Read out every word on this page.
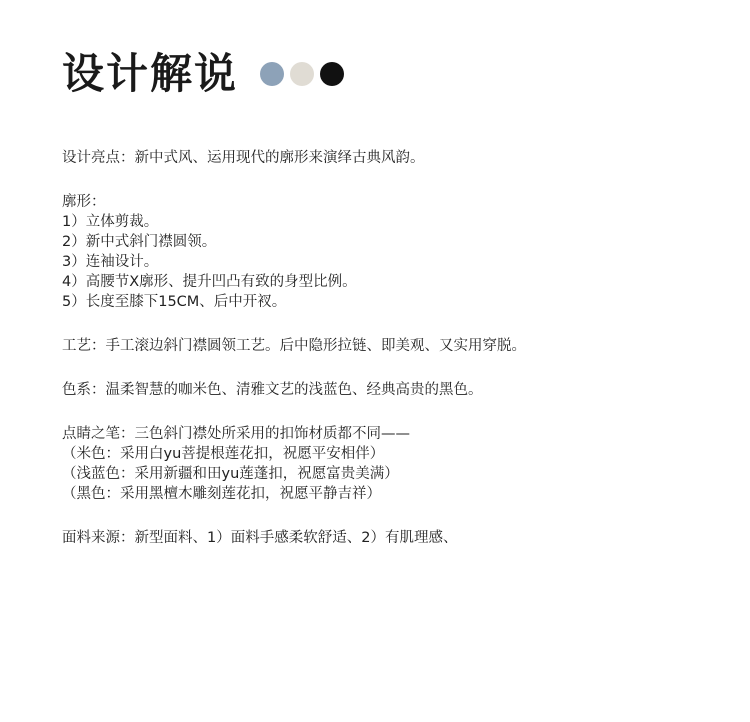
设计解说

设计亮点：新中式风、运用现代的廓形来演绎古典风韵。

廓形：
1）立体剪裁。
2）新中式斜门襟圆领。
3）连袖设计。
4）高腰节X廓形、提升凹凸有致的身型比例。
5）长度至膝下15CM、后中开衩。

工艺：手工滚边斜门襟圆领工艺。后中隐形拉链、即美观、又实用穿脱。

色系：温柔智慧的咖米色、清雅文艺的浅蓝色、经典高贵的黑色。

点睛之笔：三色斜门襟处所采用的扣饰材质都不同——
（米色：采用白yu菩提根莲花扣，祝愿平安相伴）
（浅蓝色：采用新疆和田yu莲蓬扣，祝愿富贵美满）
（黑色：采用黑檀木雕刻莲花扣，祝愿平静吉祥）

面料来源：新型面料、1）面料手感柔软舒适、2）有肌理感、
